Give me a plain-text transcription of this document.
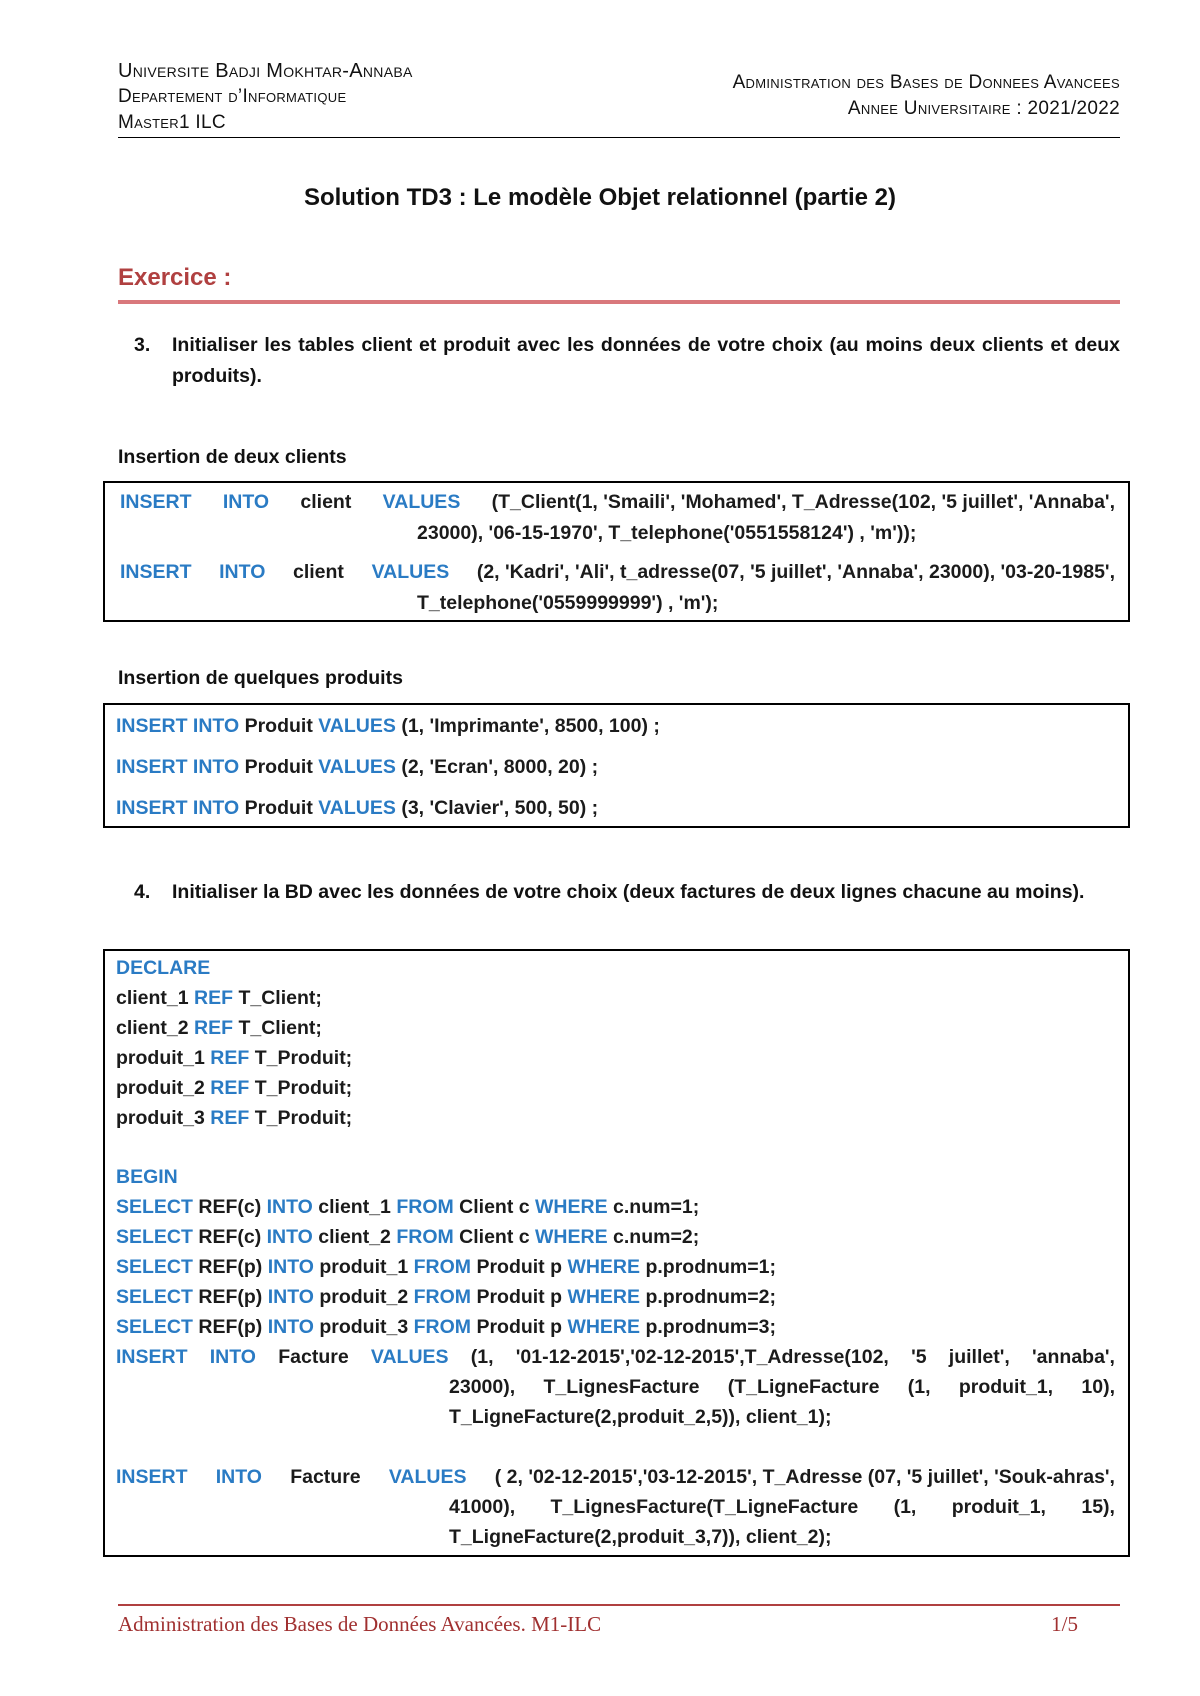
Universite Badji Mokhtar-Annaba
Departement d’Informatique
Master1 ILC
Administration des Bases de Donnees Avancees
Annee Universitaire : 2021/2022
Solution TD3 : Le modèle Objet relationnel (partie 2)
Exercice :
3.	Initialiser les tables client et produit avec les données de votre choix (au moins deux clients et deux produits).
Insertion de deux clients
INSERT INTO client VALUES (T_Client(1, 'Smaili', 'Mohamed', T_Adresse(102, '5 juillet', 'Annaba',
23000), '06-15-1970', T_telephone('0551558124') , 'm'));
INSERT INTO client VALUES (2, 'Kadri', 'Ali', t_adresse(07, '5 juillet', 'Annaba', 23000), '03-20-1985',
T_telephone('0559999999') , 'm');
Insertion de quelques produits
INSERT INTO Produit VALUES (1, 'Imprimante', 8500, 100) ;
INSERT INTO Produit VALUES (2, 'Ecran', 8000, 20) ;
INSERT INTO Produit VALUES (3, 'Clavier', 500, 50) ;
4.	Initialiser la BD avec les données de votre choix (deux factures de deux lignes chacune au moins).
DECLARE
client_1 REF T_Client;
client_2 REF T_Client;
produit_1 REF T_Produit;
produit_2 REF T_Produit;
produit_3 REF T_Produit;
BEGIN
SELECT REF(c) INTO client_1 FROM Client c WHERE c.num=1;
SELECT REF(c) INTO client_2 FROM Client c WHERE c.num=2;
SELECT REF(p) INTO produit_1 FROM Produit p WHERE p.prodnum=1;
SELECT REF(p) INTO produit_2 FROM Produit p WHERE p.prodnum=2;
SELECT REF(p) INTO produit_3 FROM Produit p WHERE p.prodnum=3;
INSERT INTO Facture VALUES (1, '01-12-2015','02-12-2015',T_Adresse(102, '5 juillet', 'annaba',
23000), T_LignesFacture (T_LigneFacture (1, produit_1, 10),
T_LigneFacture(2,produit_2,5)), client_1);
INSERT INTO Facture VALUES ( 2, '02-12-2015','03-12-2015', T_Adresse (07, '5 juillet', 'Souk-ahras',
41000), T_LignesFacture(T_LigneFacture (1, produit_1, 15),
T_LigneFacture(2,produit_3,7)), client_2);
Administration des Bases de Données Avancées. M1-ILC	1/5
